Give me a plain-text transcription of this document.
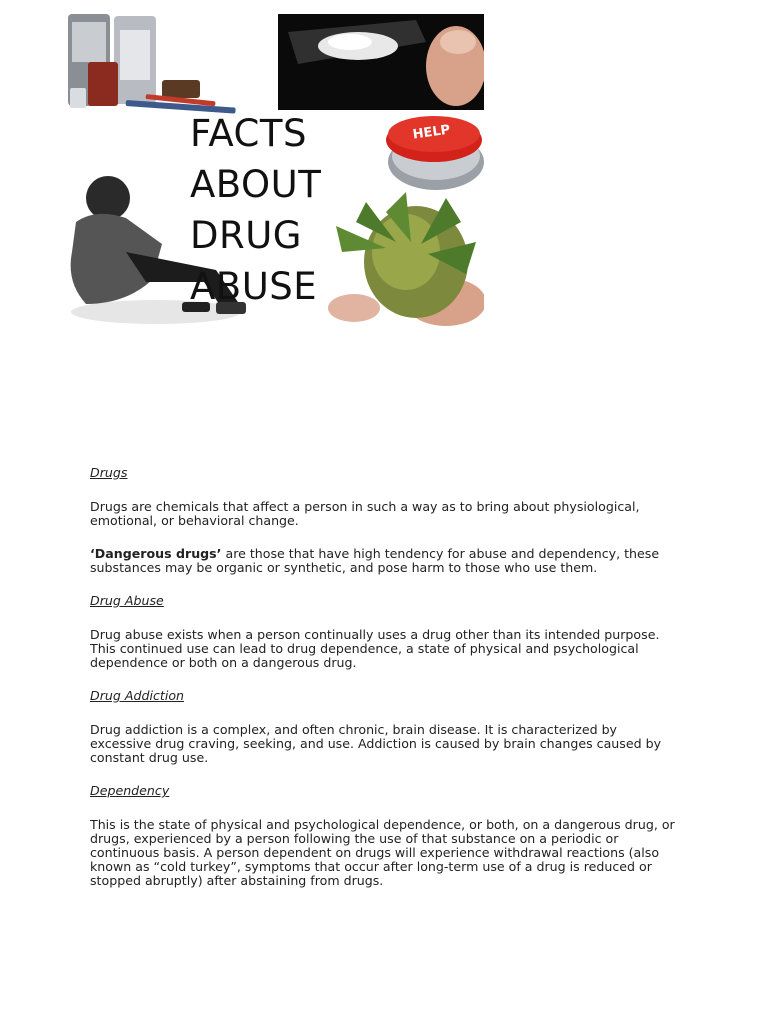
HELP
FACTS
ABOUT
DRUG
ABUSE
Drugs
Drugs are chemicals that affect a person in such a way as to bring about physiological, emotional, or behavioral change.
‘Dangerous drugs’ are those that have high tendency for abuse and dependency, these substances may be organic or synthetic, and pose harm to those who use them.
Drug Abuse
Drug abuse exists when a person continually uses a drug other than its intended purpose. This continued use can lead to drug dependence, a state of physical and psychological dependence or both on a dangerous drug.
Drug Addiction
Drug addiction is a complex, and often chronic, brain disease. It is characterized by excessive drug craving, seeking, and use. Addiction is caused by brain changes caused by constant drug use.
Dependency
This is the state of physical and psychological dependence, or both, on a dangerous drug, or drugs, experienced by a person following the use of that substance on a periodic or continuous basis. A person dependent on drugs will experience withdrawal reactions (also known as “cold turkey”, symptoms that occur after long-term use of a drug is reduced or stopped abruptly) after abstaining from drugs.
